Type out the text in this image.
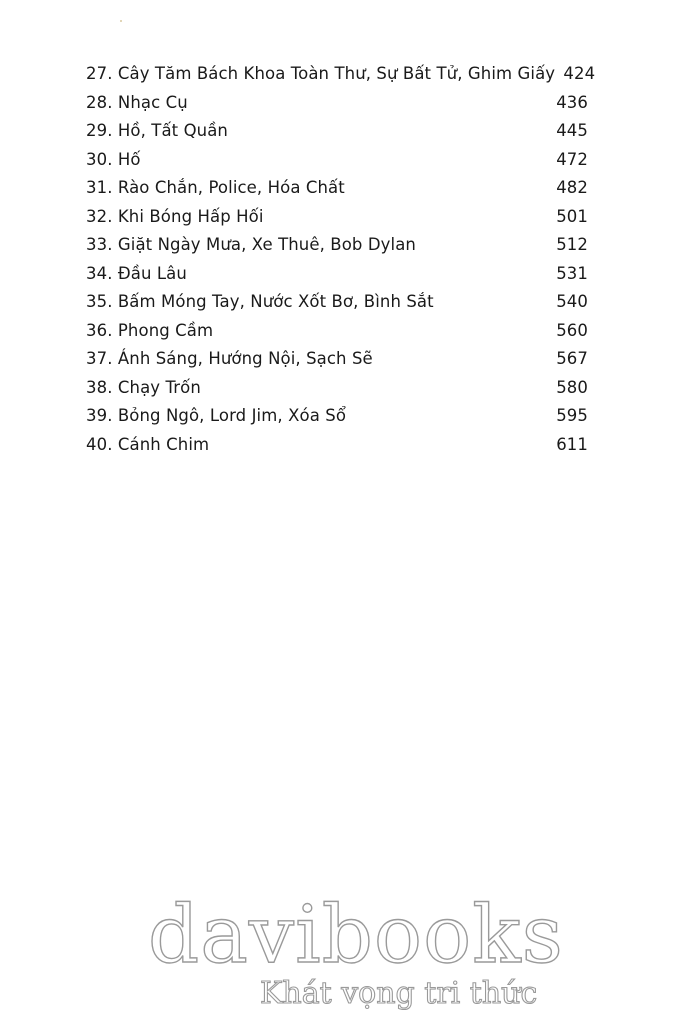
27. Cây Tăm Bách Khoa Toàn Thư, Sự Bất Tử, Ghim Giấy 424
28. Nhạc Cụ	436
29. Hồ, Tất Quần	445
30. Hố	472
31. Rào Chắn, Police, Hóa Chất	482
32. Khi Bóng Hấp Hối	501
33. Giặt Ngày Mưa, Xe Thuê, Bob Dylan	512
34. Đầu Lâu	531
35. Bấm Móng Tay, Nước Xốt Bơ, Bình Sắt	540
36. Phong Cầm	560
37. Ánh Sáng, Hướng Nội, Sạch Sẽ	567
38. Chạy Trốn	580
39. Bỏng Ngô, Lord Jim, Xóa Sổ	595
40. Cánh Chim	611
davibooks
Khát vọng tri thức
